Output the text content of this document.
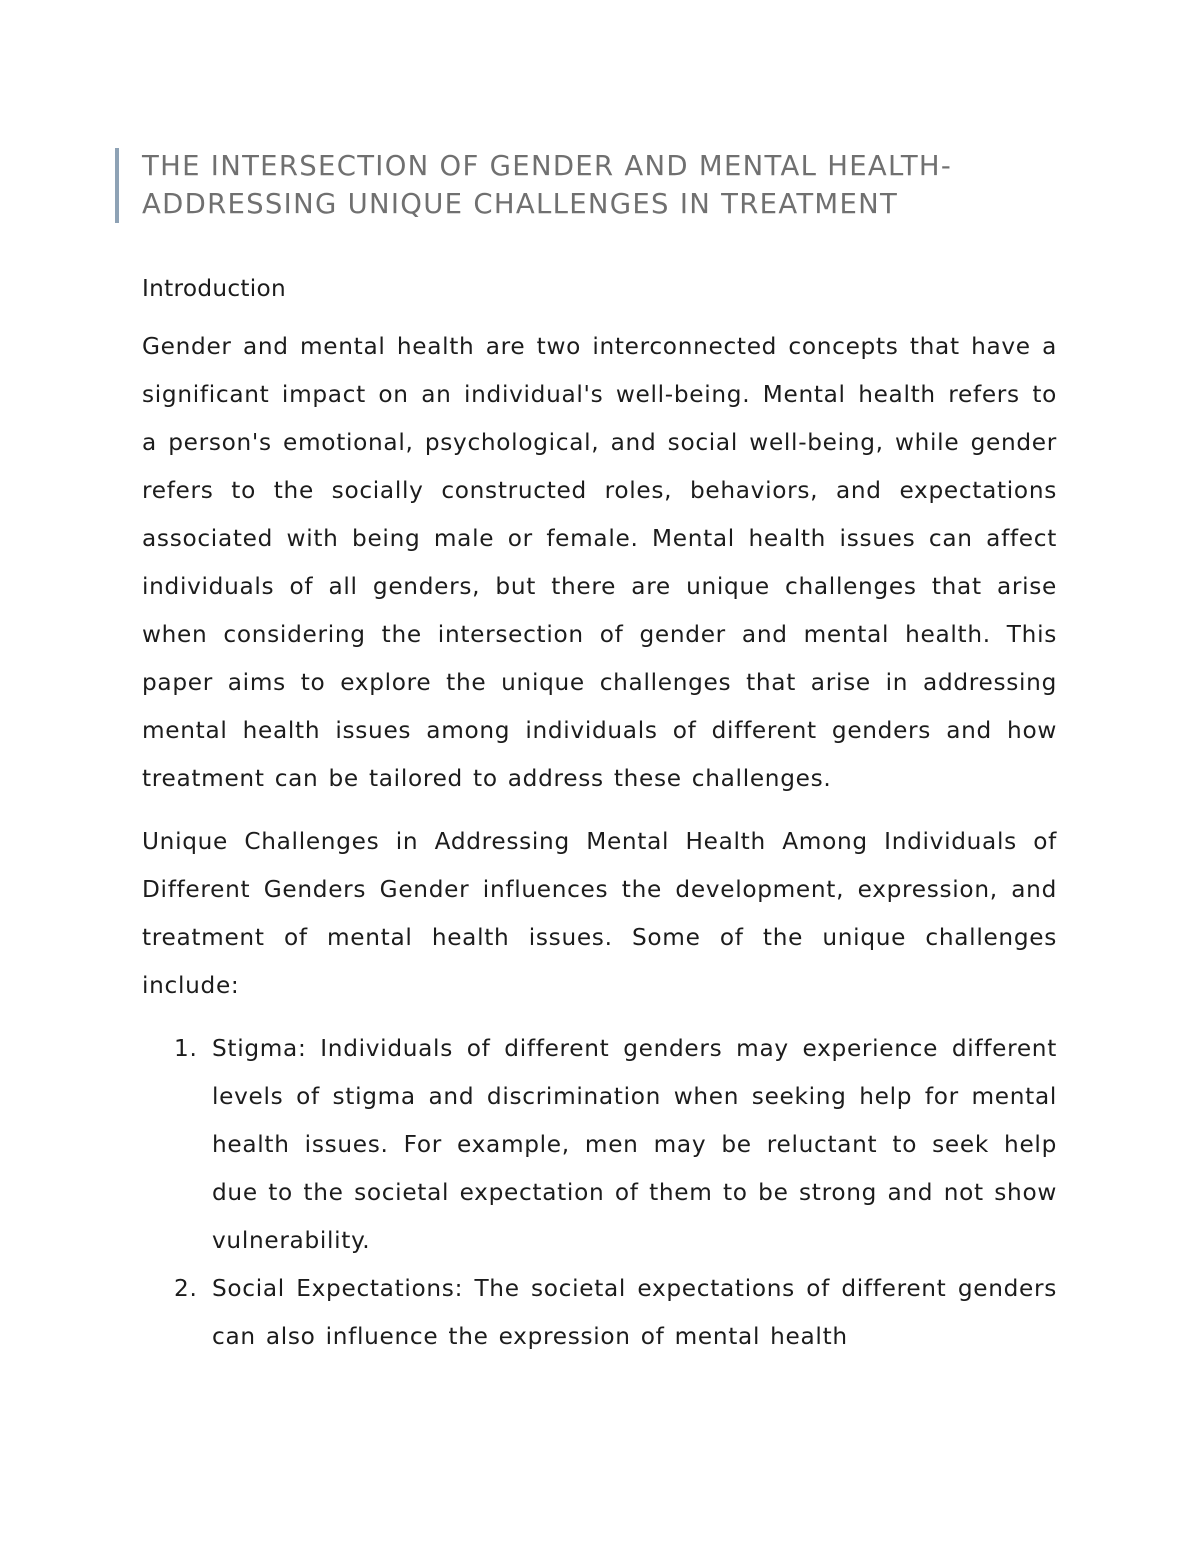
THE INTERSECTION OF GENDER AND MENTAL HEALTH-

ADDRESSING UNIQUE CHALLENGES IN TREATMENT

Introduction

Gender and mental health are two interconnected concepts that have a significant impact on an individual's well-being. Mental health refers to a person's emotional, psychological, and social well-being, while gender refers to the socially constructed roles, behaviors, and expectations associated with being male or female. Mental health issues can affect individuals of all genders, but there are unique challenges that arise when considering the intersection of gender and mental health. This paper aims to explore the unique challenges that arise in addressing mental health issues among individuals of different genders and how treatment can be tailored to address these challenges.

Unique Challenges in Addressing Mental Health Among Individuals of Different Genders Gender influences the development, expression, and treatment of mental health issues. Some of the unique challenges include:

1. Stigma: Individuals of different genders may experience different levels of stigma and discrimination when seeking help for mental health issues. For example, men may be reluctant to seek help due to the societal expectation of them to be strong and not show vulnerability.
2. Social Expectations: The societal expectations of different genders can also influence the expression of mental health
